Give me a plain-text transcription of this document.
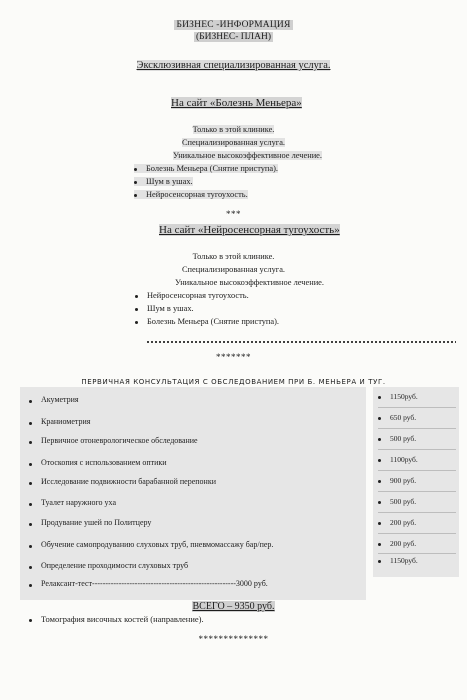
БИЗНЕС -ИНФОРМАЦИЯ
(БИЗНЕС- ПЛАН)
Эксклюзивная специализированная услуга.
На сайт «Болезнь Меньера»
Только в этой клинике.
Специализированная услуга.
Уникальное высокоэффективное лечение.
Болезнь Меньера (Снятие приступа).
Шум в ушах.
Нейросенсорная тугоухость.
***
На сайт «Нейросенсорная тугоухость»
Только в этой клинике.
Специализированная услуга.
Уникальное высокоэффективное лечение.
Нейросенсорная тугоухость.
Шум в ушах.
Болезнь Меньера (Снятие приступа).
*******
ПЕРВИЧНАЯ КОНСУЛЬТАЦИЯ С ОБСЛЕДОВАНИЕМ ПРИ Б. МЕНЬЕРА И ТУГ.
Акуметрия
Краниометрия
Первичное отоневрологическое обследование
Отоскопия с использованием оптики
Исследование подвижности барабанной перепонки
Туалет наружного уха
Продувание ушей по Политцеру
Обучение самопродуванию слуховых труб, пневмомассажу бар/пер.
Определение проходимости слуховых труб
Релаксант-тест------------------------------------------------------3000 руб.
1150руб.
650 руб.
500 руб.
1100руб.
900 руб.
500 руб.
200 руб.
200 руб.
1150руб.
ВСЕГО – 9350 руб.
Томография височных костей (направление).
**************
